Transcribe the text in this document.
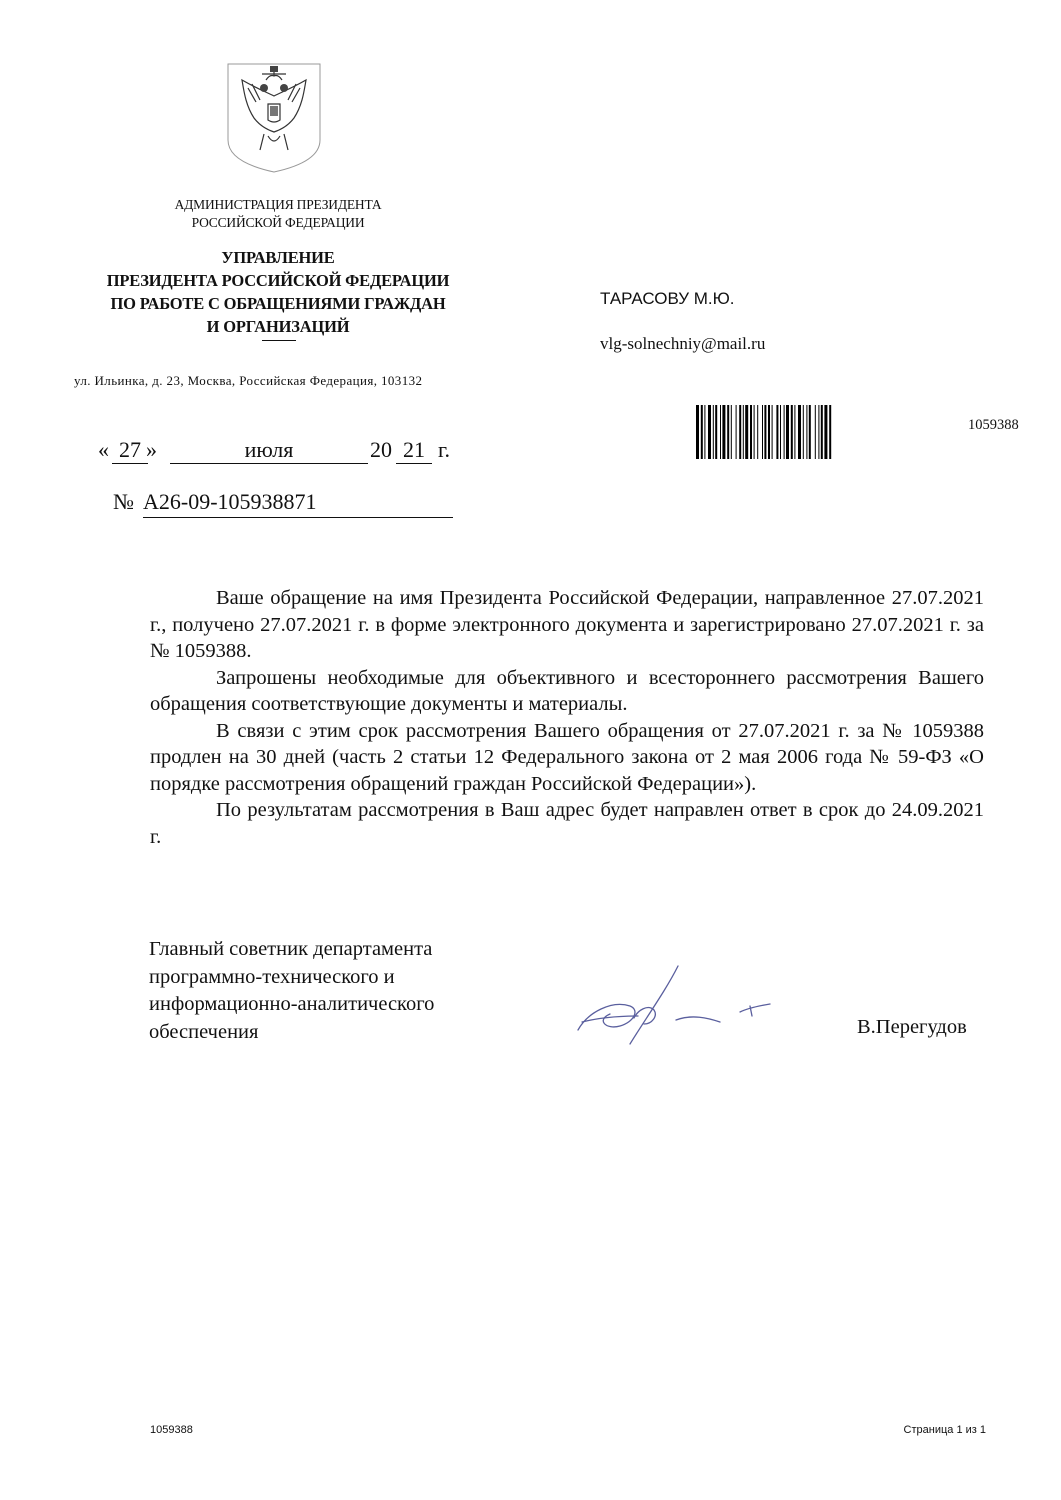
АДМИНИСТРАЦИЯ ПРЕЗИДЕНТА
РОССИЙСКОЙ ФЕДЕРАЦИИ
УПРАВЛЕНИЕ
ПРЕЗИДЕНТА РОССИЙСКОЙ ФЕДЕРАЦИИ
ПО РАБОТЕ С ОБРАЩЕНИЯМИ ГРАЖДАН
И ОРГАНИЗАЦИЙ
ул. Ильинка, д. 23, Москва, Российская Федерация, 103132
« 27 »	июля	20 21 г.
№ А26-09-105938871
ТАРАСОВУ М.Ю.
vlg-solnechniy@mail.ru
1059388

Ваше обращение на имя Президента Российской Федерации, направленное 27.07.2021 г., получено 27.07.2021 г. в форме электронного документа и зарегистрировано 27.07.2021 г. за № 1059388.

Запрошены необходимые для объективного и всестороннего рассмотрения Вашего обращения соответствующие документы и материалы.

В связи с этим срок рассмотрения Вашего обращения от 27.07.2021 г. за № 1059388 продлен на 30 дней (часть 2 статьи 12 Федерального закона от 2 мая 2006 года № 59-ФЗ «О порядке рассмотрения обращений граждан Российской Федерации»).

По результатам рассмотрения в Ваш адрес будет направлен ответ в срок до 24.09.2021 г.

Главный советник департамента
программно-технического и
информационно-аналитического
обеспечения	В.Перегудов
1059388	Страница 1 из 1
